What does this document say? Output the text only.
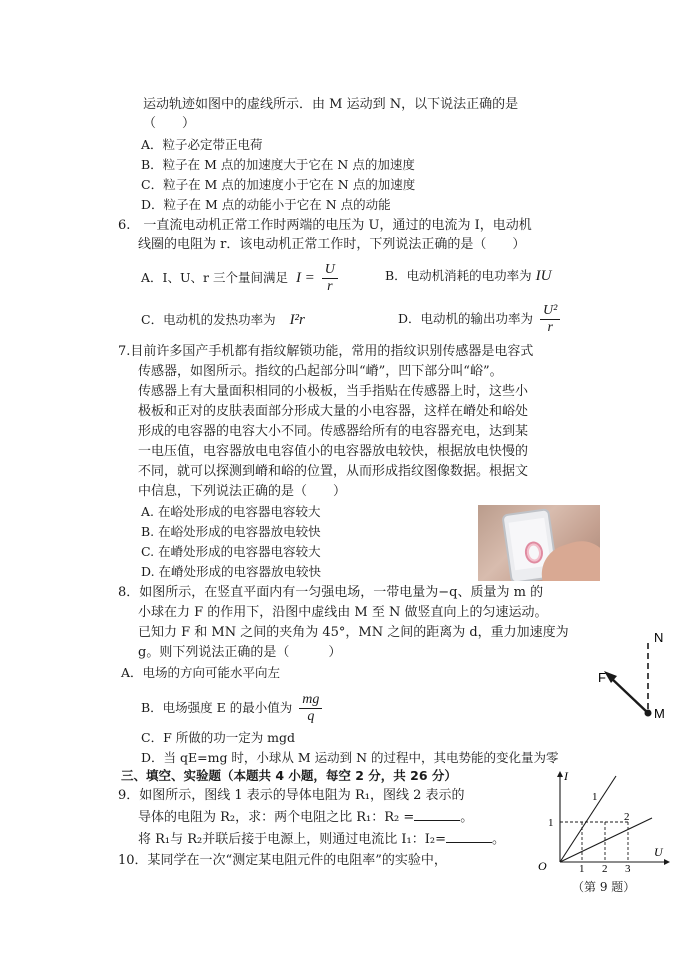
运动轨迹如图中的虚线所示．由 M 运动到 N，以下说法正确的是
（　　）
A．粒子必定带正电荷
B．粒子在 M 点的加速度大于它在 N 点的加速度
C．粒子在 M 点的加速度小于它在 N 点的加速度
D．粒子在 M 点的动能小于它在 N 点的动能
6.　一直流电动机正常工作时两端的电压为 U，通过的电流为 I，电动机
线圈的电阻为 r．该电动机正常工作时，下列说法正确的是（　　）
A．I、U、r 三个量间满足 $I = \frac{U}{r}$	B．电动机消耗的电功率为 IU
C．电动机的发热功率为 I²r	D．电动机的输出功率为 $\frac{\text{U²}}{r}$
7.目前许多国产手机都有指纹解锁功能，常用的指纹识别传感器是电容式
传感器，如图所示。指纹的凸起部分叫“嵴”，凹下部分叫“峪”。
传感器上有大量面积相同的小极板，当手指贴在传感器上时，这些小
极板和正对的皮肤表面部分形成大量的小电容器，这样在嵴处和峪处
形成的电容器的电容大小不同。传感器给所有的电容器充电，达到某
一电压值，电容器放电电容值小的电容器放电较快，根据放电快慢的
不同，就可以探测到嵴和峪的位置，从而形成指纹图像数据。根据文
中信息，下列说法正确的是（　　）
A. 在峪处形成的电容器电容较大
B. 在峪处形成的电容器放电较快
C. 在嵴处形成的电容器电容较大
D. 在嵴处形成的电容器放电较快
8．如图所示，在竖直平面内有一匀强电场，一带电量为−q、质量为 m 的
小球在力 F 的作用下，沿图中虚线由 M 至 N 做竖直向上的匀速运动。
已知力 F 和 MN 之间的夹角为 45°，MN 之间的距离为 d，重力加速度为
g。则下列说法正确的是（　　　）
A．电场的方向可能水平向左
B．电场强度 E 的最小值为 $\frac{mg}{q}$
C．F 所做的功一定为 mgd
D．当 qE=mg 时，小球从 M 运动到 N 的过程中，其电势能的变化量为零
N
F
M
三、填空、实验题（本题共 4 小题，每空 2 分，共 26 分）
9．如图所示，图线 1 表示的导体电阻为 R₁，图线 2 表示的
导体的电阻为 R₂，求：两个电阻之比 R₁：R₂ =	。
将 R₁与 R₂并联后接于电源上，则通过电流比 I₁：I₂=	。
O
I
U
1
1 2 3
1
2
（第 9 题）
10．某同学在一次“测定某电阻元件的电阻率”的实验中，
